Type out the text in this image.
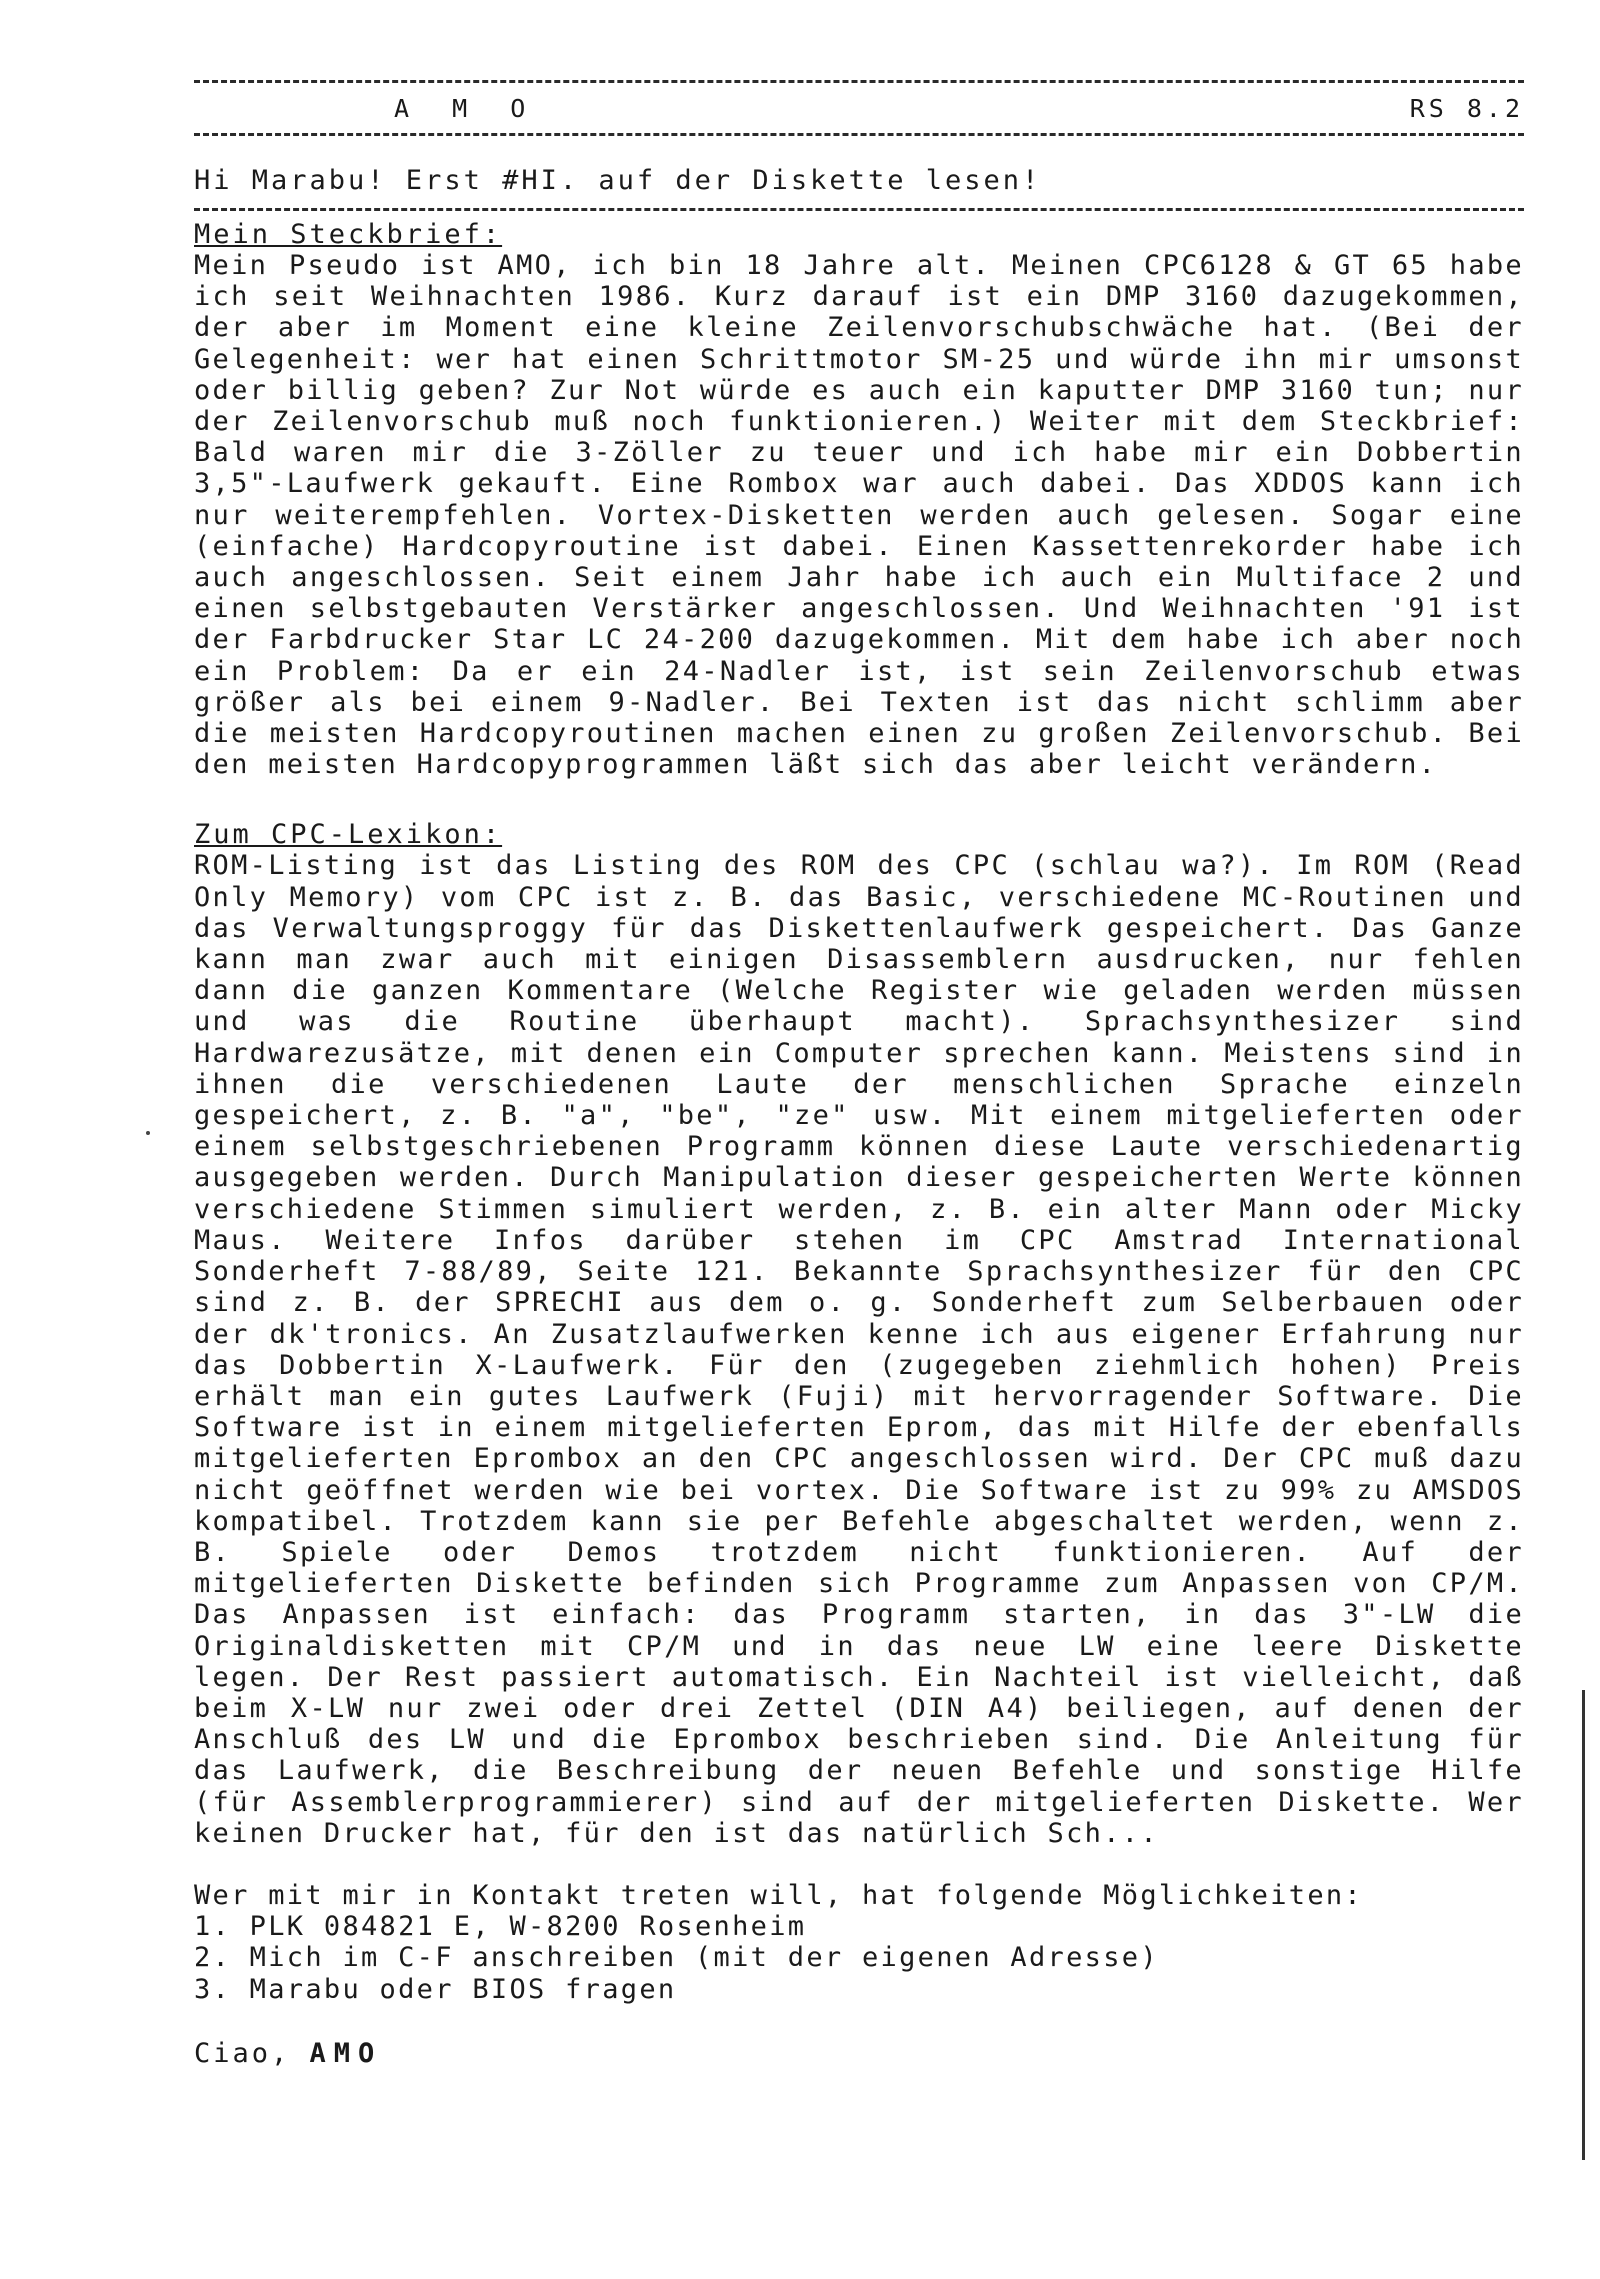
A M O	RS 8.2
Hi Marabu! Erst #HI. auf der Diskette lesen!
Mein Steckbrief:
Mein Pseudo ist AMO, ich bin 18 Jahre alt. Meinen CPC6128 & GT 65 habe ich seit Weihnachten 1986. Kurz darauf ist ein DMP 3160 dazugekommen, der aber im Moment eine kleine Zeilenvorschubschwäche hat. (Bei der Gelegenheit: wer hat einen Schrittmotor SM-25 und würde ihn mir umsonst oder billig geben? Zur Not würde es auch ein kaputter DMP 3160 tun; nur der Zeilenvorschub muß noch funktionieren.) Weiter mit dem Steckbrief: Bald waren mir die 3-Zöller zu teuer und ich habe mir ein Dobbertin 3,5"-Laufwerk gekauft. Eine Rombox war auch dabei. Das XDDOS kann ich nur weiterempfehlen. Vortex-Disketten werden auch gelesen. Sogar eine (einfache) Hardcopyroutine ist dabei. Einen Kassettenrekorder habe ich auch angeschlossen. Seit einem Jahr habe ich auch ein Multiface 2 und einen selbstgebauten Verstärker angeschlossen. Und Weihnachten '91 ist der Farbdrucker Star LC 24-200 dazugekommen. Mit dem habe ich aber noch ein Problem: Da er ein 24-Nadler ist, ist sein Zeilenvorschub etwas größer als bei einem 9-Nadler. Bei Texten ist das nicht schlimm aber die meisten Hardcopyroutinen machen einen zu großen Zeilenvorschub. Bei den meisten Hardcopyprogrammen läßt sich das aber leicht verändern.
Zum CPC-Lexikon:
ROM-Listing ist das Listing des ROM des CPC (schlau wa?). Im ROM (Read Only Memory) vom CPC ist z. B. das Basic, verschiedene MC-Routinen und das Verwaltungsproggy für das Diskettenlaufwerk gespeichert. Das Ganze kann man zwar auch mit einigen Disassemblern ausdrucken, nur fehlen dann die ganzen Kommentare (Welche Register wie geladen werden müssen und was die Routine überhaupt macht). Sprachsynthesizer sind Hardwarezusätze, mit denen ein Computer sprechen kann. Meistens sind in ihnen die verschiedenen Laute der menschlichen Sprache einzeln gespeichert, z. B. "a", "be", "ze" usw. Mit einem mitgelieferten oder einem selbstgeschriebenen Programm können diese Laute verschiedenartig ausgegeben werden. Durch Manipulation dieser gespeicherten Werte können verschiedene Stimmen simuliert werden, z. B. ein alter Mann oder Micky Maus. Weitere Infos darüber stehen im CPC Amstrad International Sonderheft 7-88/89, Seite 121. Bekannte Sprachsynthesizer für den CPC sind z. B. der SPRECHI aus dem o. g. Sonderheft zum Selberbauen oder der dk'tronics. An Zusatzlaufwerken kenne ich aus eigener Erfahrung nur das Dobbertin X-Laufwerk. Für den (zugegeben ziehmlich hohen) Preis erhält man ein gutes Laufwerk (Fuji) mit hervorragender Software. Die Software ist in einem mitgelieferten Eprom, das mit Hilfe der ebenfalls mitgelieferten Eprombox an den CPC angeschlossen wird. Der CPC muß dazu nicht geöffnet werden wie bei vortex. Die Software ist zu 99% zu AMSDOS kompatibel. Trotzdem kann sie per Befehle abgeschaltet werden, wenn z. B. Spiele oder Demos trotzdem nicht funktionieren. Auf der mitgelieferten Diskette befinden sich Programme zum Anpassen von CP/M. Das Anpassen ist einfach: das Programm starten, in das 3"-LW die Originaldisketten mit CP/M und in das neue LW eine leere Diskette legen. Der Rest passiert automatisch. Ein Nachteil ist vielleicht, daß beim X-LW nur zwei oder drei Zettel (DIN A4) beiliegen, auf denen der Anschluß des LW und die Eprombox beschrieben sind. Die Anleitung für das Laufwerk, die Beschreibung der neuen Befehle und sonstige Hilfe (für Assemblerprogrammierer) sind auf der mitgelieferten Diskette. Wer keinen Drucker hat, für den ist das natürlich Sch...
Wer mit mir in Kontakt treten will, hat folgende Möglichkeiten:
1. PLK 084821 E, W-8200 Rosenheim
2. Mich im C-F anschreiben (mit der eigenen Adresse)
3. Marabu oder BIOS fragen
Ciao, AMO
